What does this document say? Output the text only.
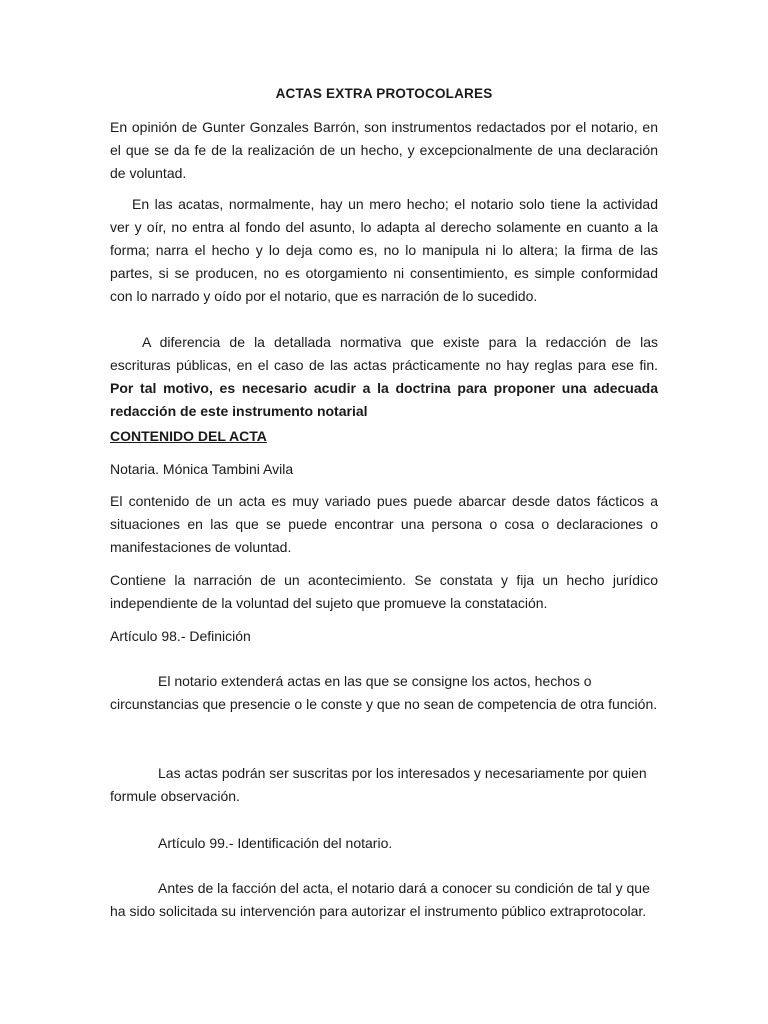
ACTAS EXTRA PROTOCOLARES
En opinión de Gunter Gonzales Barrón, son instrumentos redactados por el notario, en el que se da fe de la realización de un hecho, y excepcionalmente de una declaración de voluntad.
En las acatas, normalmente, hay un mero hecho; el notario solo tiene la actividad ver y oír, no entra al fondo del asunto, lo adapta al derecho solamente en cuanto a la forma; narra el hecho y lo deja como es, no lo manipula ni lo altera; la firma de las partes, si se producen, no es otorgamiento ni consentimiento, es simple conformidad con lo narrado y oído por el notario, que es narración de lo sucedido.
A diferencia de la detallada normativa que existe para la redacción de las escrituras públicas, en el caso de las actas prácticamente no hay reglas para ese fin. Por tal motivo, es necesario acudir a la doctrina para proponer una adecuada redacción de este instrumento notarial
CONTENIDO DEL ACTA
Notaria. Mónica Tambini Avila
El contenido de un acta es muy variado pues puede abarcar desde datos fácticos a situaciones en las que se puede encontrar una persona o cosa o declaraciones o manifestaciones de voluntad.
Contiene la narración de un acontecimiento. Se constata y fija un hecho jurídico independiente de la voluntad del sujeto que promueve la constatación.
Artículo 98.- Definición
El notario extenderá actas en las que se consigne los actos, hechos o circunstancias que presencie o le conste y que no sean de competencia de otra función.
Las actas podrán ser suscritas por los interesados y necesariamente por quien formule observación.
Artículo 99.- Identificación del notario.
Antes de la facción del acta, el notario dará a conocer su condición de tal y que ha sido solicitada su intervención para autorizar el instrumento público extraprotocolar.
